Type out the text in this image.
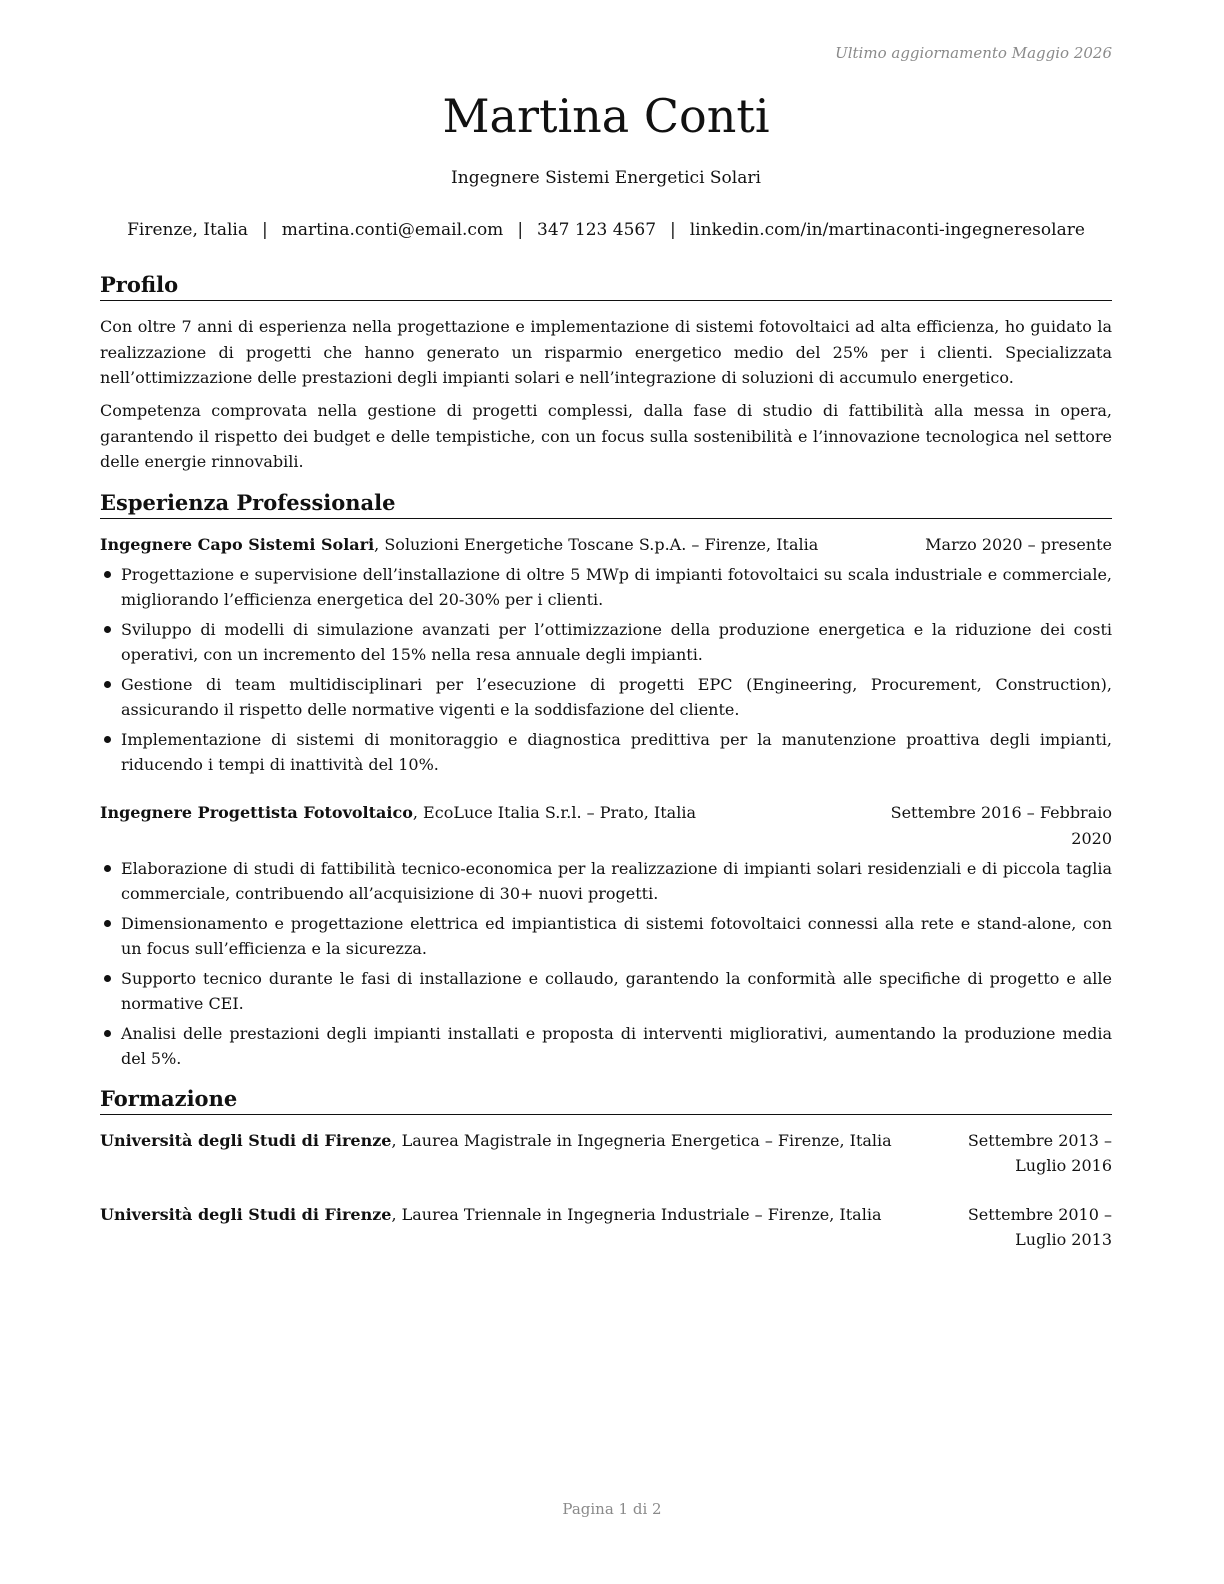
Ultimo aggiornamento Maggio 2026
Martina Conti
Ingegnere Sistemi Energetici Solari
Firenze, Italia | martina.conti@email.com | 347 123 4567 | linkedin.com/in/martinaconti-ingegneresolare
Profilo
Con oltre 7 anni di esperienza nella progettazione e implementazione di sistemi fotovoltaici ad alta efficienza, ho guidato la realizzazione di progetti che hanno generato un risparmio energetico medio del 25% per i clienti. Specializzata nell’ottimizzazione delle prestazioni degli impianti solari e nell’integrazione di soluzioni di accumulo energetico.
Competenza comprovata nella gestione di progetti complessi, dalla fase di studio di fattibilità alla messa in opera, garantendo il rispetto dei budget e delle tempistiche, con un focus sulla sostenibilità e l’innovazione tecnologica nel settore delle energie rinnovabili.
Esperienza Professionale
Ingegnere Capo Sistemi Solari, Soluzioni Energetiche Toscane S.p.A. – Firenze, Italia	Marzo 2020 – presente
Progettazione e supervisione dell’installazione di oltre 5 MWp di impianti fotovoltaici su scala industriale e commerciale, migliorando l’efficienza energetica del 20-30% per i clienti.
Sviluppo di modelli di simulazione avanzati per l’ottimizzazione della produzione energetica e la riduzione dei costi operativi, con un incremento del 15% nella resa annuale degli impianti.
Gestione di team multidisciplinari per l’esecuzione di progetti EPC (Engineering, Procurement, Construction), assicurando il rispetto delle normative vigenti e la soddisfazione del cliente.
Implementazione di sistemi di monitoraggio e diagnostica predittiva per la manutenzione proattiva degli impianti, riducendo i tempi di inattività del 10%.
Ingegnere Progettista Fotovoltaico, EcoLuce Italia S.r.l. – Prato, Italia	Settembre 2016 – Febbraio 2020
Elaborazione di studi di fattibilità tecnico-economica per la realizzazione di impianti solari residenziali e di piccola taglia commerciale, contribuendo all’acquisizione di 30+ nuovi progetti.
Dimensionamento e progettazione elettrica ed impiantistica di sistemi fotovoltaici connessi alla rete e stand-alone, con un focus sull’efficienza e la sicurezza.
Supporto tecnico durante le fasi di installazione e collaudo, garantendo la conformità alle specifiche di progetto e alle normative CEI.
Analisi delle prestazioni degli impianti installati e proposta di interventi migliorativi, aumentando la produzione media del 5%.
Formazione
Università degli Studi di Firenze, Laurea Magistrale in Ingegneria Energetica – Firenze, Italia	Settembre 2013 – Luglio 2016
Università degli Studi di Firenze, Laurea Triennale in Ingegneria Industriale – Firenze, Italia	Settembre 2010 – Luglio 2013
Pagina 1 di 2
